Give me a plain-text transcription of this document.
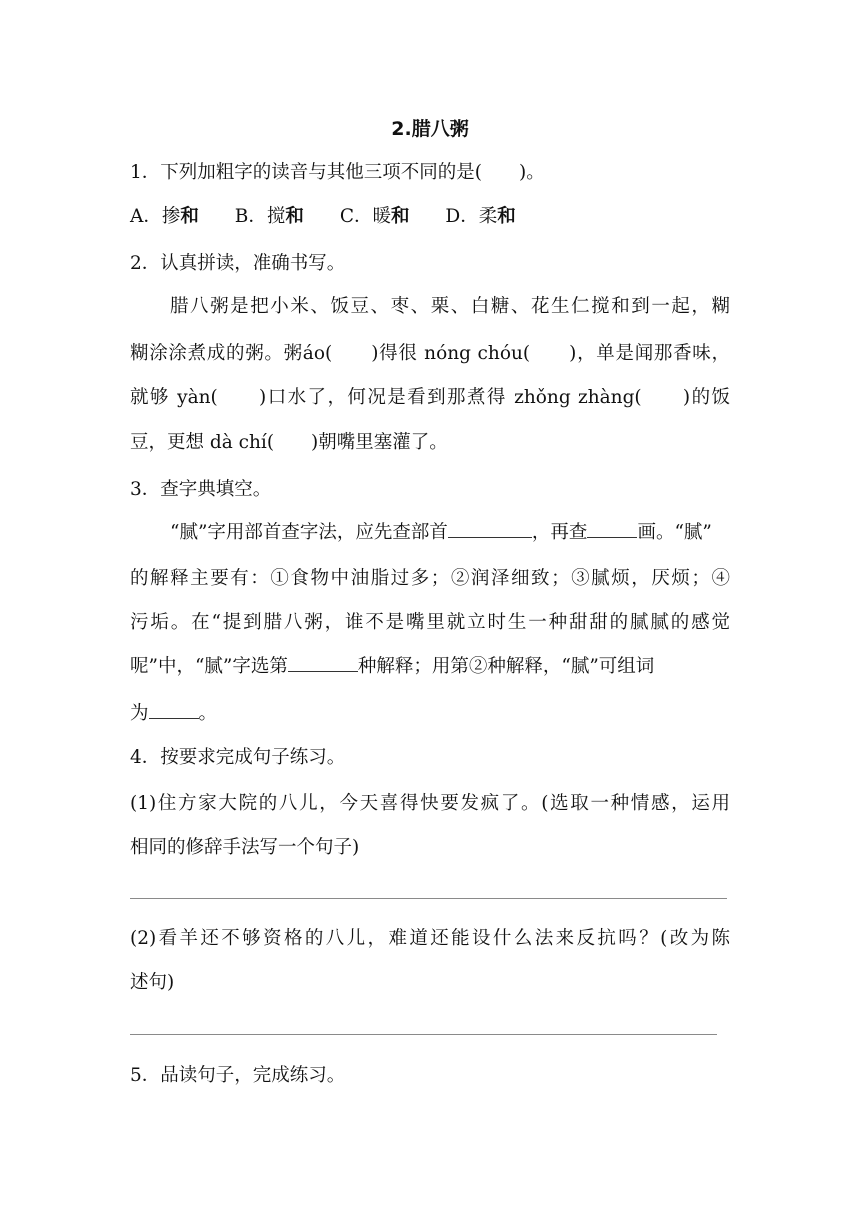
2.腊八粥
1．下列加粗字的读音与其他三项不同的是(　　)。
A．掺和 B．搅和 C．暖和 D．柔和
2．认真拼读，准确书写。
腊八粥是把小米、饭豆、枣、栗、白糖、花生仁搅和到一起，糊
糊涂涂煮成的粥。粥áo(　　)得很 nóng chóu(　　)，单是闻那香味，
就够 yàn(　　)口水了，何况是看到那煮得 zhǒng zhàng(　　)的饭
豆，更想 dà chí(　　)朝嘴里塞灌了。
3．查字典填空。
“腻”字用部首查字法，应先查部首	，再查	画。“腻”
的解释主要有：①食物中油脂过多；②润泽细致；③腻烦，厌烦；④
污垢。在“提到腊八粥，谁不是嘴里就立时生一种甜甜的腻腻的感觉
呢”中，“腻”字选第	种解释；用第②种解释，“腻”可组词
为	。
4．按要求完成句子练习。
(1)住方家大院的八儿，今天喜得快要发疯了。(选取一种情感，运用
相同的修辞手法写一个句子)
(2)看羊还不够资格的八儿，难道还能设什么法来反抗吗？(改为陈
述句)
5．品读句子，完成练习。
